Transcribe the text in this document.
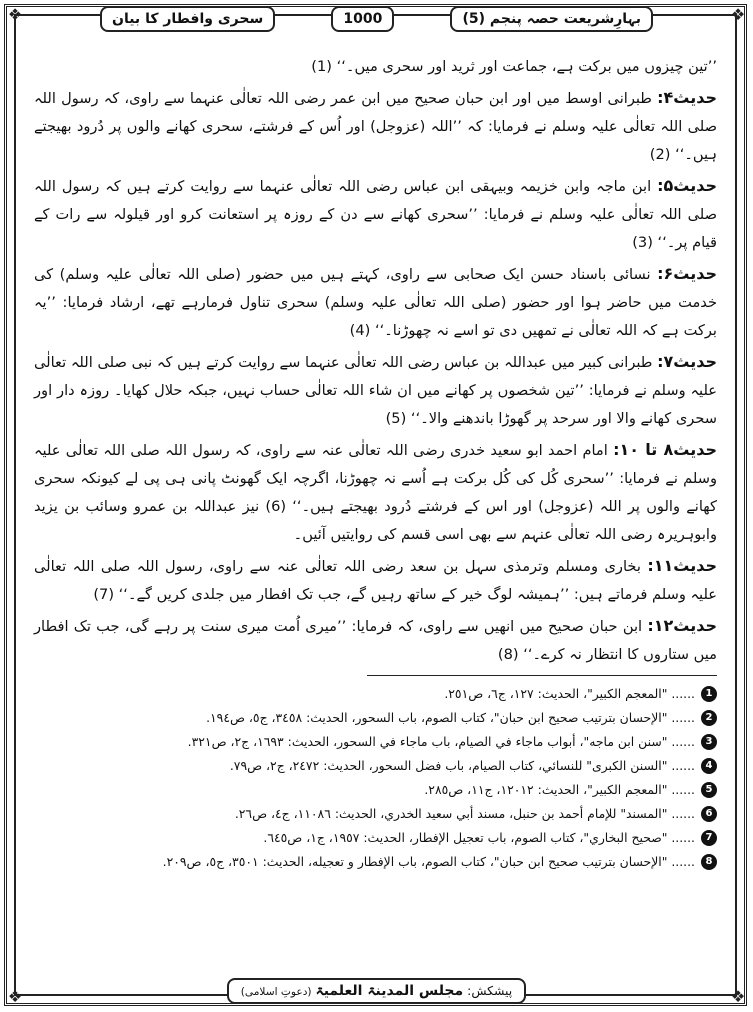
❖	❖
❖	❖
بہارِشریعت حصہ پنجم (5)
1000
سحری وافطار کا بیان
’’تین چیزوں میں برکت ہے، جماعت اور ثرید اور سحری میں۔‘‘ (1)
حدیث۴: طبرانی اوسط میں اور ابن حبان صحیح میں ابن عمر رضی اللہ تعالٰی عنہما سے راوی، کہ رسول اللہ صلی اللہ تعالٰی علیہ وسلم نے فرمایا: کہ ’’اللہ (عزوجل) اور اُس کے فرشتے، سحری کھانے والوں پر دُرود بھیجتے ہیں۔‘‘ (2)
حدیث۵: ابن ماجہ وابن خزیمہ وبیہقی ابن عباس رضی اللہ تعالٰی عنہما سے روایت کرتے ہیں کہ رسول اللہ صلی اللہ تعالٰی علیہ وسلم نے فرمایا: ’’سحری کھانے سے دن کے روزہ پر استعانت کرو اور قیلولہ سے رات کے قیام پر۔‘‘ (3)
حدیث۶: نسائی باسناد حسن ایک صحابی سے راوی، کہتے ہیں میں حضور (صلی اللہ تعالٰی علیہ وسلم) کی خدمت میں حاضر ہوا اور حضور (صلی اللہ تعالٰی علیہ وسلم) سحری تناول فرمارہے تھے، ارشاد فرمایا: ’’یہ برکت ہے کہ اللہ تعالٰی نے تمھیں دی تو اسے نہ چھوڑنا۔‘‘ (4)
حدیث۷: طبرانی کبیر میں عبداللہ بن عباس رضی اللہ تعالٰی عنہما سے روایت کرتے ہیں کہ نبی صلی اللہ تعالٰی علیہ وسلم نے فرمایا: ’’تین شخصوں پر کھانے میں ان شاء اللہ تعالٰی حساب نہیں، جبکہ حلال کھایا۔ روزہ دار اور سحری کھانے والا اور سرحد پر گھوڑا باندھنے والا۔‘‘ (5)
حدیث۸ تا ۱۰: امام احمد ابو سعید خدری رضی اللہ تعالٰی عنہ سے راوی، کہ رسول اللہ صلی اللہ تعالٰی علیہ وسلم نے فرمایا: ’’سحری کُل کی کُل برکت ہے اُسے نہ چھوڑنا، اگرچہ ایک گھونٹ پانی ہی پی لے کیونکہ سحری کھانے والوں پر اللہ (عزوجل) اور اس کے فرشتے دُرود بھیجتے ہیں۔‘‘ (6) نیز عبداللہ بن عمرو وسائب بن یزید وابوہریرہ رضی اللہ تعالٰی عنہم سے بھی اسی قسم کی روایتیں آئیں۔
حدیث۱۱: بخاری ومسلم وترمذی سہل بن سعد رضی اللہ تعالٰی عنہ سے راوی، رسول اللہ صلی اللہ تعالٰی علیہ وسلم فرماتے ہیں: ’’ہمیشہ لوگ خیر کے ساتھ رہیں گے، جب تک افطار میں جلدی کریں گے۔‘‘ (7)
حدیث۱۲: ابن حبان صحیح میں انھیں سے راوی، کہ فرمایا: ’’میری اُمت میری سنت پر رہے گی، جب تک افطار میں ستاروں کا انتظار نہ کرے۔‘‘ (8)
1
...... "المعجم الكبير"، الحديث: ١٢٧، ج٦، ص٢٥١.
2
...... "الإحسان بترتيب صحيح ابن حبان"، كتاب الصوم، باب السحور، الحديث: ٣٤٥٨، ج٥، ص١٩٤.
3
...... "سنن ابن ماجه"، أبواب ماجاء في الصيام، باب ماجاء في السحور، الحديث: ١٦٩٣، ج٢، ص٣٢١.
4
...... "السنن الكبرى" للنسائي، كتاب الصيام، باب فضل السحور، الحديث: ٢٤٧٢، ج٢، ص٧٩.
5
...... "المعجم الكبير"، الحديث: ١٢٠١٢، ج١١، ص٢٨٥.
6
...... "المسند" للإمام أحمد بن حنبل، مسند أبي سعيد الخدري، الحديث: ١١٠٨٦، ج٤، ص٢٦.
7
...... "صحيح البخاري"، كتاب الصوم، باب تعجيل الإفطار، الحديث: ١٩٥٧، ج١، ص٦٤٥.
8
...... "الإحسان بترتيب صحيح ابن حبان"، كتاب الصوم، باب الإفطار و تعجيله، الحديث: ٣٥٠١، ج٥، ص٢٠٩.
پیشکش: مجلس المدینۃ العلمیۃ (دعوتِ اسلامی)
